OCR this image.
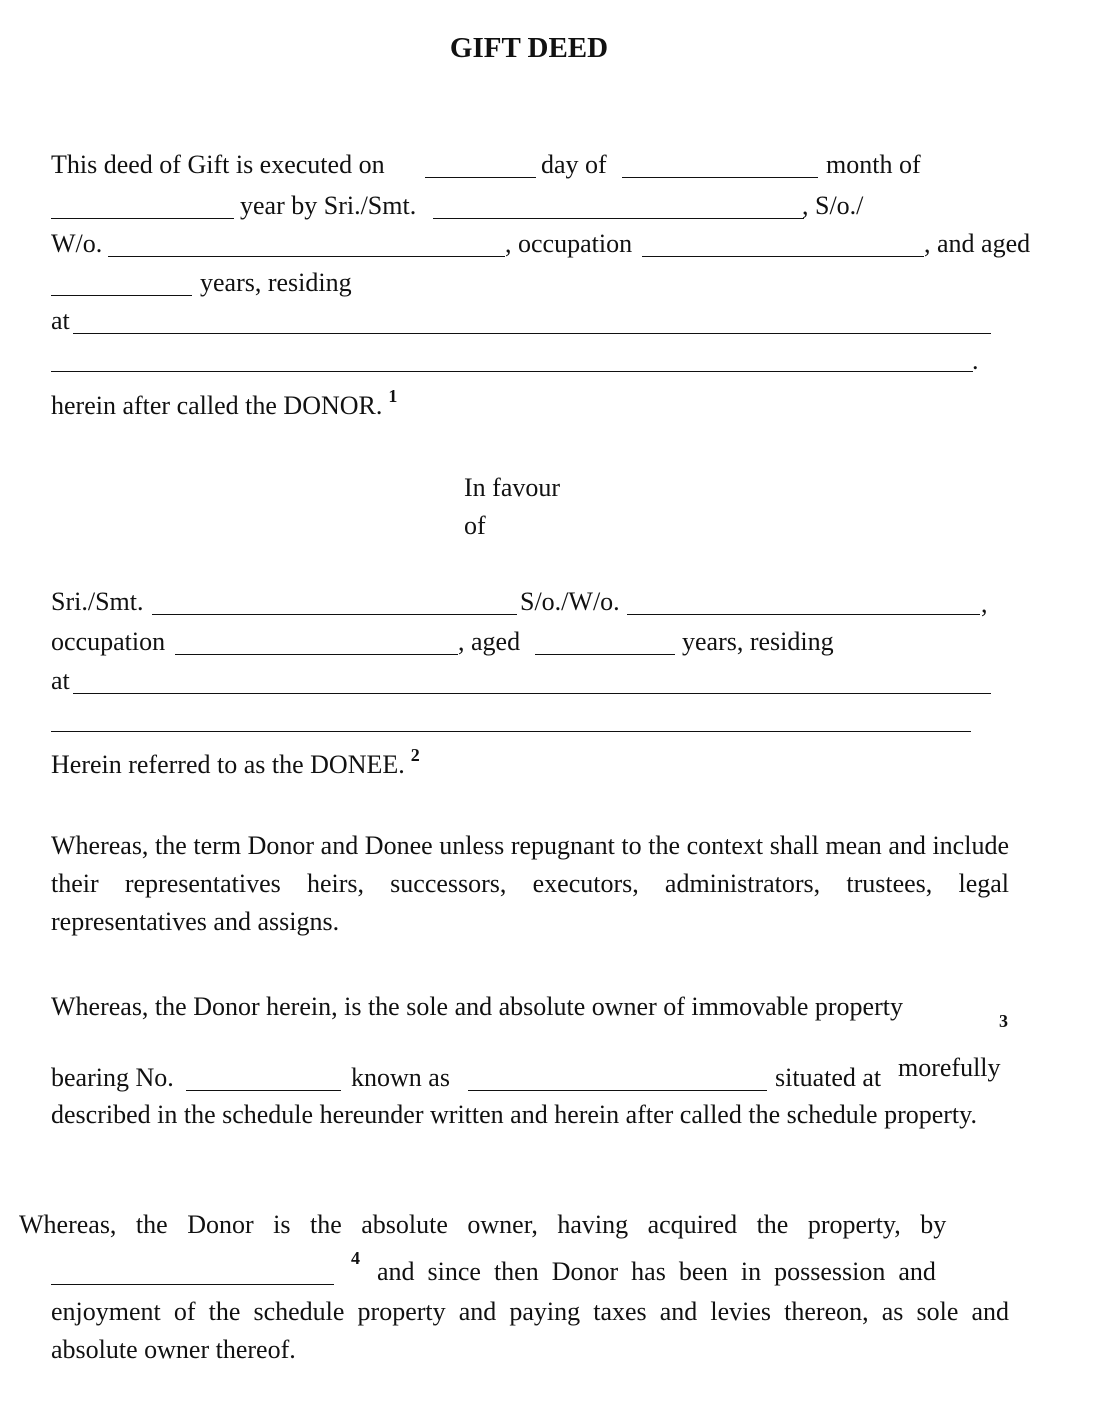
GIFT DEED
This deed of Gift is executed on	day of	month of
year by Sri./Smt.	, S/o./
W/o.	, occupation	, and aged
years, residing
at
.
herein after called the DONOR. $^1$
In favour
of
Sri./Smt.	S/o./W/o.	,
occupation	, aged	years, residing
at
Herein referred to as the DONEE. $^2$
Whereas, the term Donor and Donee unless repugnant to the context shall mean and include their representatives heirs, successors, executors, administrators, trustees, legal representatives and assigns.
Whereas, the Donor herein, is the sole and absolute owner of immovable property	3
bearing No.	known as	situated at morefully
described in the schedule hereunder written and herein after called the schedule property.
Whereas,   the   Donor   is   the   absolute   owner,   having   acquired   the   property,   by
4 and  since  then  Donor  has  been  in  possession  and
enjoyment of the schedule property and paying taxes and levies thereon, as sole and absolute owner thereof.
